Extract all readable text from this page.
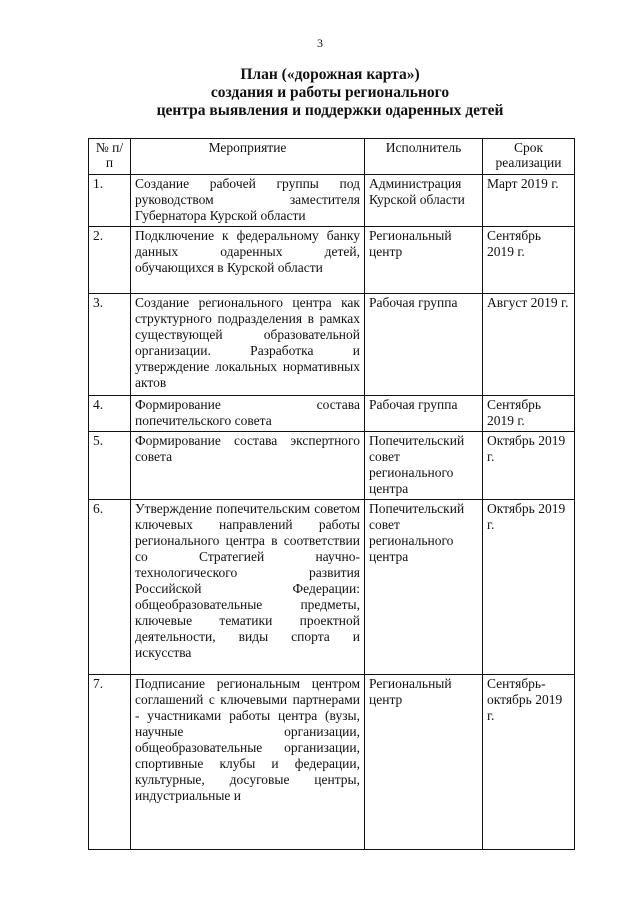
3
План («дорожная карта»)
создания и работы регионального
центра выявления и поддержки одаренных детей
№ п/п	Мероприятие	Исполнитель	Срок реализации
1.	Создание рабочей группы под руководством заместителя Губернатора Курской области	Администрация Курской области	Март 2019 г.
2.	Подключение к федеральному банку данных одаренных детей, обучающихся в Курской области	Региональный центр	Сентябрь 2019 г.
3.	Создание регионального центра как структурного подразделения в рамках существующей образовательной организации. Разработка и утверждение локальных нормативных актов	Рабочая группа	Август 2019 г.
4.	Формирование состава попечительского совета	Рабочая группа	Сентябрь 2019 г.
5.	Формирование состава экспертного совета	Попечительский совет регионального центра	Октябрь 2019 г.
6.	Утверждение попечительским советом ключевых направлений работы регионального центра в соответствии со Стратегией научно-технологического развития Российской Федерации: общеобразовательные предметы, ключевые тематики проектной деятельности, виды спорта и искусства	Попечительский совет регионального центра	Октябрь 2019 г.
7.	Подписание региональным центром соглашений с ключевыми партнерами - участниками работы центра (вузы, научные организации, общеобразовательные организации, спортивные клубы и федерации, культурные, досуговые центры, индустриальные и	Региональный центр	Сентябрь-октябрь 2019 г.
